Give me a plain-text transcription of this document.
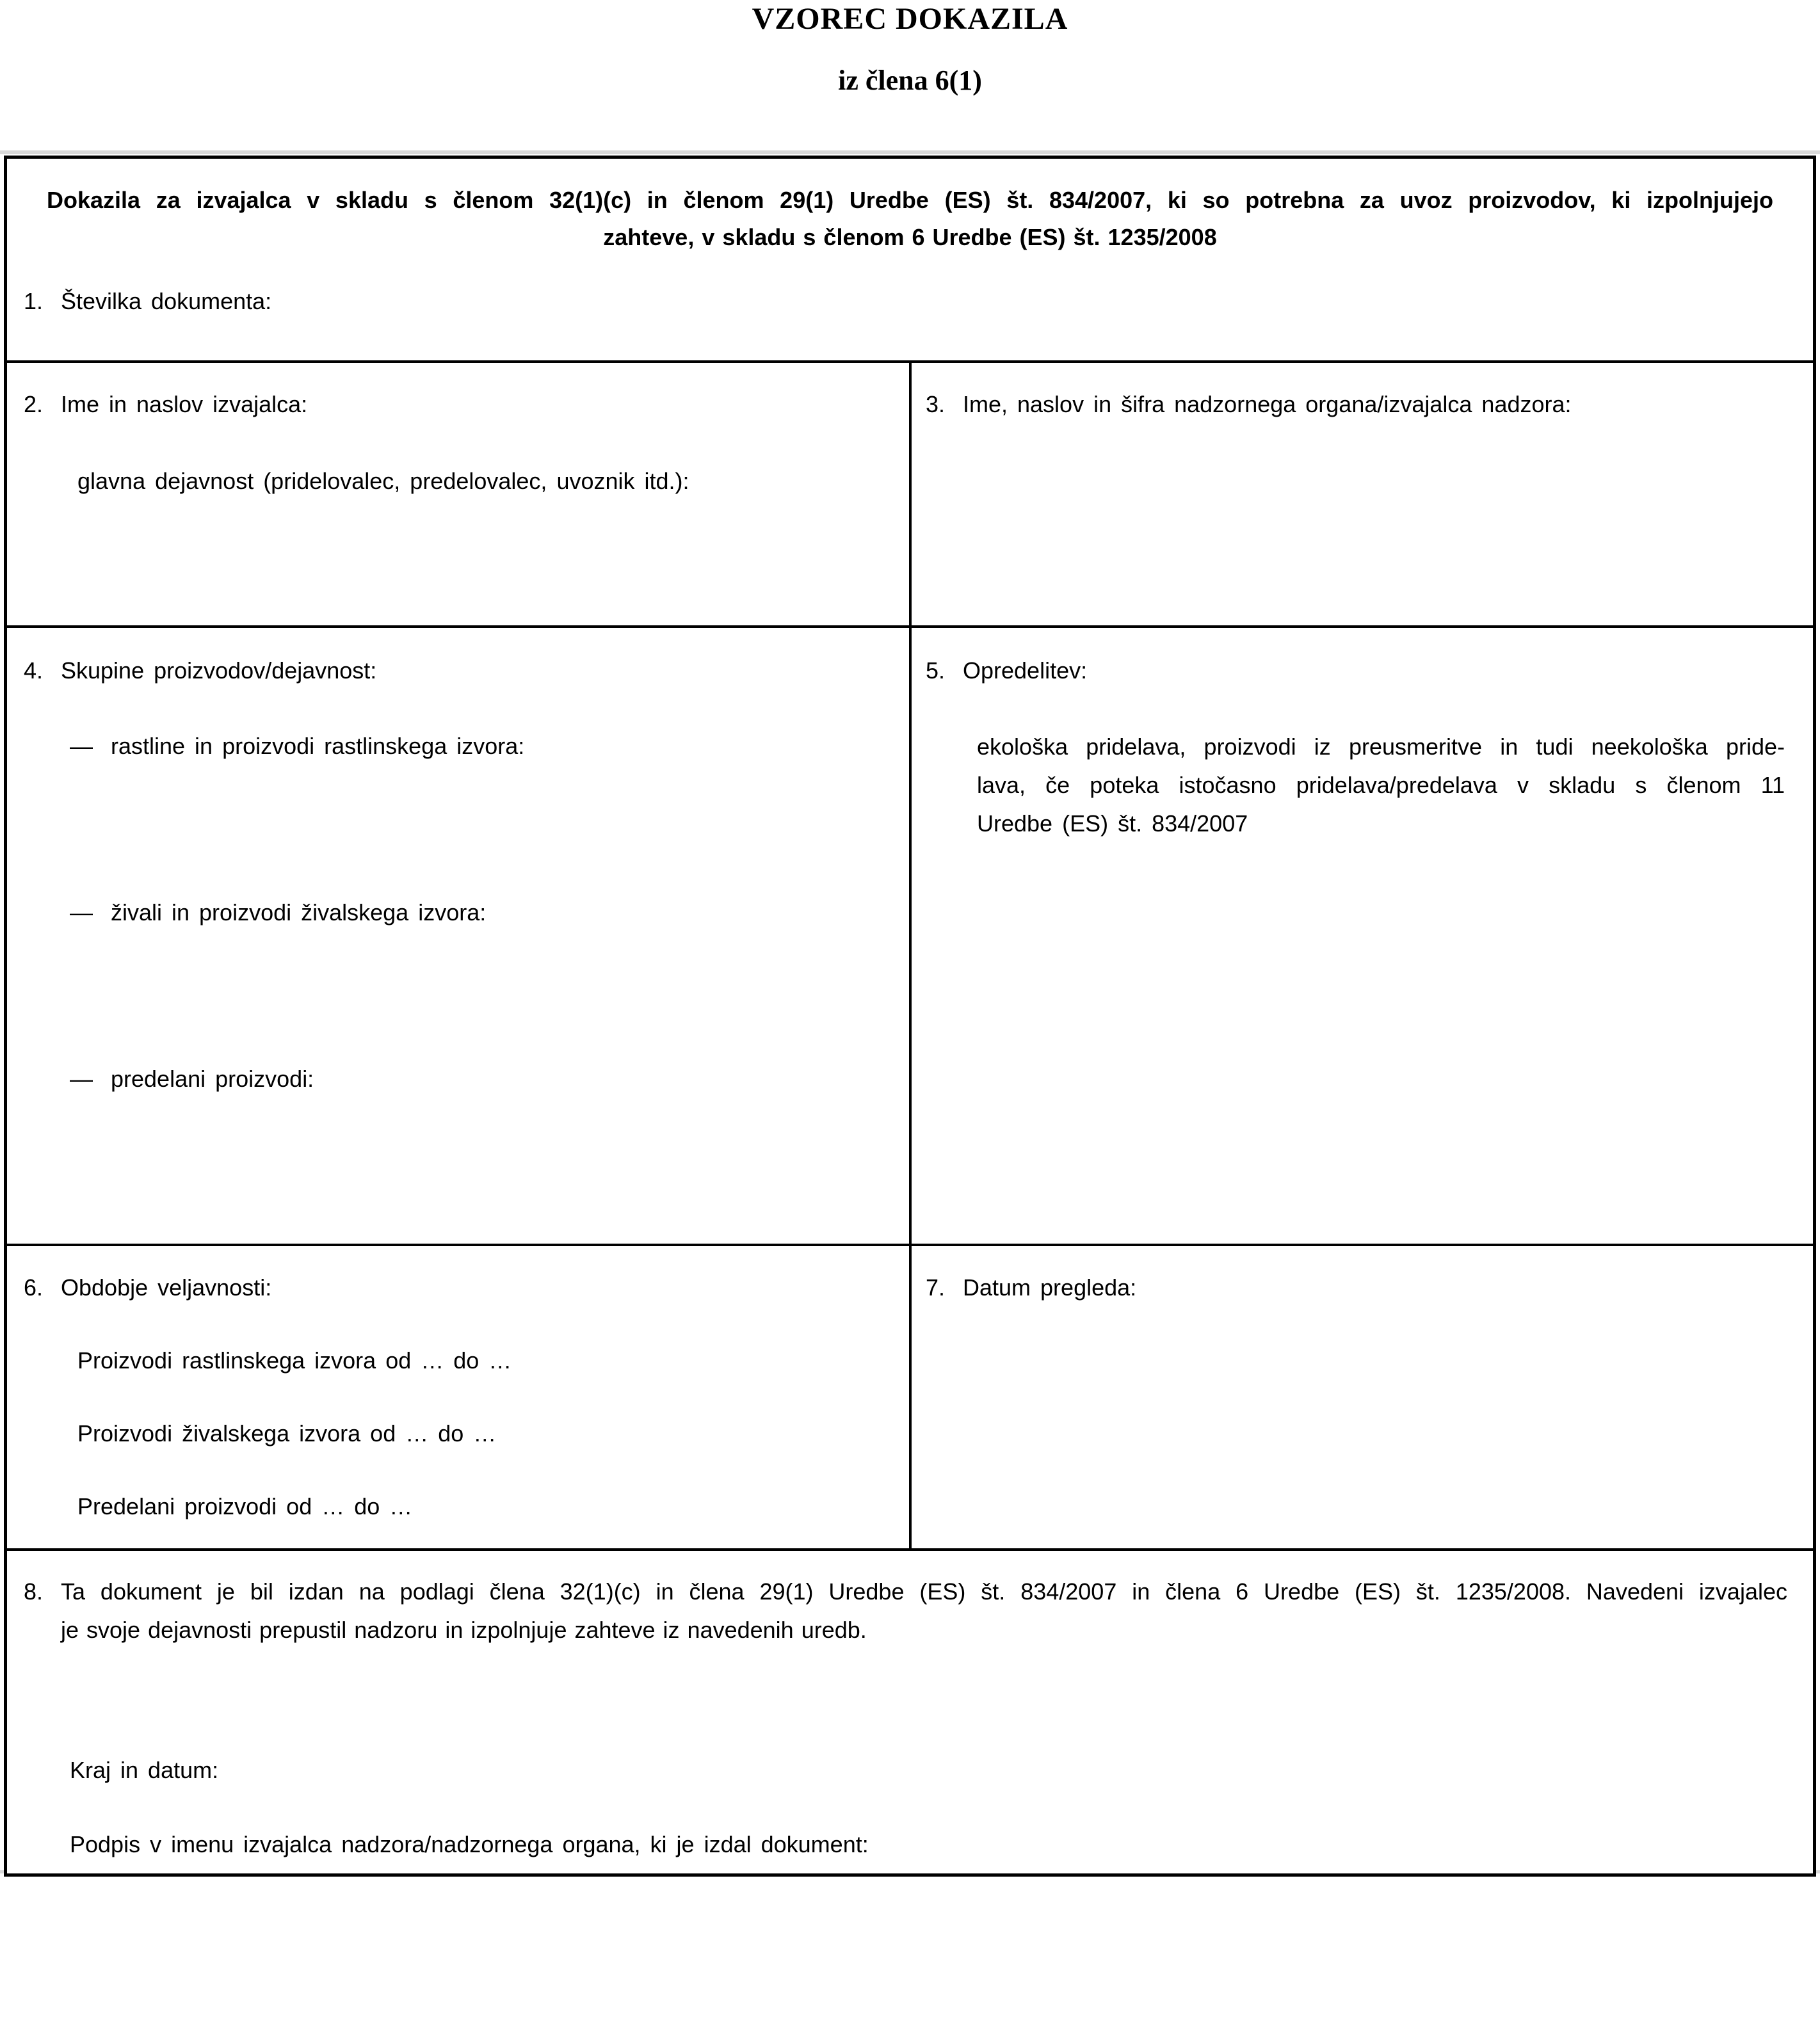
VZOREC DOKAZILA
iz člena 6(1)
Dokazila za izvajalca v skladu s členom 32(1)(c) in členom 29(1) Uredbe (ES) št. 834/2007, ki so potrebna za uvoz proizvodov, ki izpolnjujejo
zahteve, v skladu s členom 6 Uredbe (ES) št. 1235/2008
1. Številka dokumenta:
2. Ime in naslov izvajalca:
glavna dejavnost (pridelovalec, predelovalec, uvoznik itd.):
3. Ime, naslov in šifra nadzornega organa/izvajalca nadzora:
4. Skupine proizvodov/dejavnost:
— rastline in proizvodi rastlinskega izvora:
— živali in proizvodi živalskega izvora:
— predelani proizvodi:
5. Opredelitev:
ekološka pridelava, proizvodi iz preusmeritve in tudi neekološka pride-
lava, če poteka istočasno pridelava/predelava v skladu s členom 11
Uredbe (ES) št. 834/2007
6. Obdobje veljavnosti:
Proizvodi rastlinskega izvora od … do …
Proizvodi živalskega izvora od … do …
Predelani proizvodi od … do …
7. Datum pregleda:
8. Ta dokument je bil izdan na podlagi člena 32(1)(c) in člena 29(1) Uredbe (ES) št. 834/2007 in člena 6 Uredbe (ES) št. 1235/2008. Navedeni izvajalec
je svoje dejavnosti prepustil nadzoru in izpolnjuje zahteve iz navedenih uredb.
Kraj in datum:
Podpis v imenu izvajalca nadzora/nadzornega organa, ki je izdal dokument:
